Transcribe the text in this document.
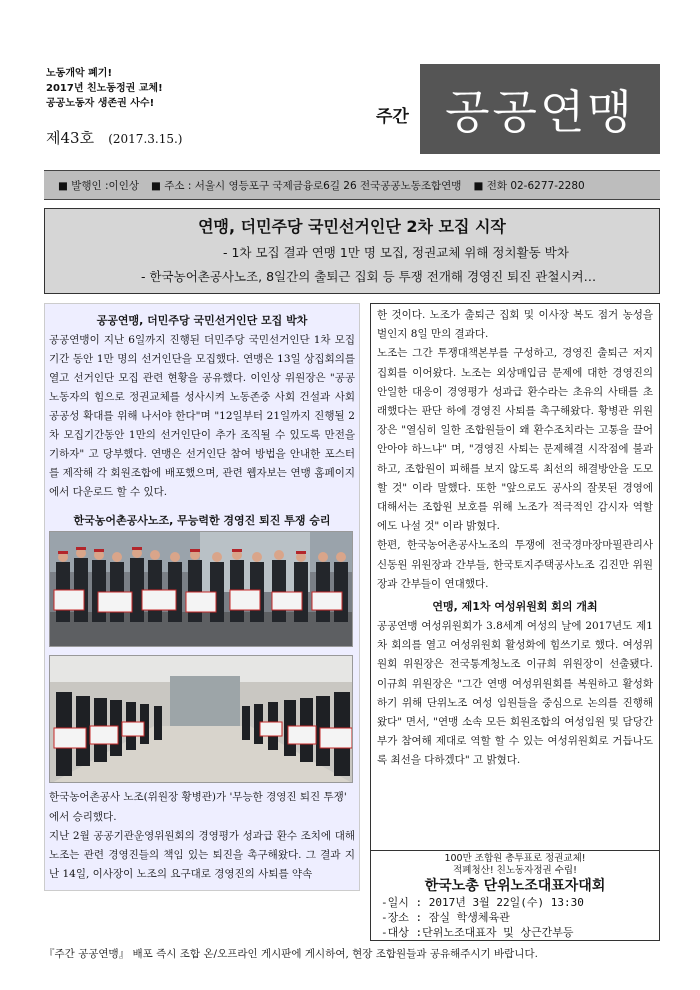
노동개악 폐기!
2017년 친노동정권 교체!
공공노동자 생존권 사수!
제43호 (2017.3.15.)
주간 공공연맹
■ 발행인 :이인상 ■ 주소 : 서울시 영등포구 국제금융로6길 26 전국공공노동조합연맹 ■ 전화 02-6277-2280
연맹, 더민주당 국민선거인단 2차 모집 시작
- 1차 모집 결과 연맹 1만 명 모집, 정권교체 위해 정치활동 박차
- 한국농어촌공사노조, 8일간의 출퇴근 집회 등 투쟁 전개해 경영진 퇴진 관철시켜…
공공연맹, 더민주당 국민선거인단 모집 박차
공공연맹이 지난 6일까지 진행된 더민주당 국민선거인단 1차 모집기간 동안 1만 명의 선거인단을 모집했다. 연맹은 13일 상집회의를 열고 선거인단 모집 관련 현황을 공유했다. 이인상 위원장은 "공공노동자의 힘으로 정권교체를 성사시켜 노동존중 사회 건설과 사회 공공성 확대를 위해 나서야 한다"며 "12일부터 21일까지 진행될 2차 모집기간동안 1만의 선거인단이 추가 조직될 수 있도록 만전을 기하자" 고 당부했다. 연맹은 선거인단 참여 방법을 안내한 포스터를 제작해 각 회원조합에 배포했으며, 관련 웹자보는 연맹 홈페이지에서 다운로드 할 수 있다.
한국농어촌공사노조, 무능력한 경영진 퇴진 투쟁 승리
한국농어촌공사 노조(위원장 황병관)가 '무능한 경영진 퇴진 투쟁' 에서 승리했다.
지난 2월 공공기관운영위원회의 경영평가 성과급 환수 조치에 대해 노조는 관련 경영진들의 책임 있는 퇴진을 촉구해왔다. 그 결과 지난 14일, 이사장이 노조의 요구대로 경영진의 사퇴를 약속
한 것이다. 노조가 출퇴근 집회 및 이사장 복도 점거 농성을 벌인지 8일 만의 결과다.
노조는 그간 투쟁대책본부를 구성하고, 경영진 출퇴근 저지 집회를 이어왔다. 노조는 외상매입금 문제에 대한 경영진의 안일한 대응이 경영평가 성과급 환수라는 초유의 사태를 초래했다는 판단 하에 경영진 사퇴를 촉구해왔다. 황병관 위원장은 "열심히 일한 조합원들이 왜 환수조치라는 고통을 끌어안아야 하느냐" 며, "경영진 사퇴는 문제해결 시작점에 불과하고, 조합원이 피해를 보지 않도록 최선의 해결방안을 도모할 것" 이라 말했다. 또한 "앞으로도 공사의 잘못된 경영에 대해서는 조합원 보호를 위해 노조가 적극적인 감시자 역할에도 나설 것" 이라 밝혔다.
한편, 한국농어촌공사노조의 투쟁에 전국경마장마필관리사 신동원 위원장과 간부들, 한국토지주택공사노조 김진만 위원장과 간부들이 연대했다.
연맹, 제1차 여성위원회 회의 개최
공공연맹 여성위원회가 3.8세계 여성의 날에 2017년도 제1차 회의를 열고 여성위원회 활성화에 힘쓰기로 했다. 여성위원회 위원장은 전국통계청노조 이규희 위원장이 선출됐다. 이규희 위원장은 "그간 연맹 여성위원회를 복원하고 활성화하기 위해 단위노조 여성 임원들을 중심으로 논의를 진행해왔다" 면서, "연맹 소속 모든 회원조합의 여성임원 및 담당간부가 참여해 제대로 역할 할 수 있는 여성위원회로 거듭나도록 최선을 다하겠다" 고 밝혔다.
100만 조합원 총투표로 정권교체!
적폐청산! 친노동자정권 수립!
한국노총 단위노조대표자대회
-일시 : 2017년 3월 22일(수) 13:30
-장소 : 잠실 학생체육관
-대상 :단위노조대표자 및 상근간부등
『주간 공공연맹』 배포 즉시 조합 온/오프라인 게시판에 게시하여, 현장 조합원들과 공유해주시기 바랍니다.
